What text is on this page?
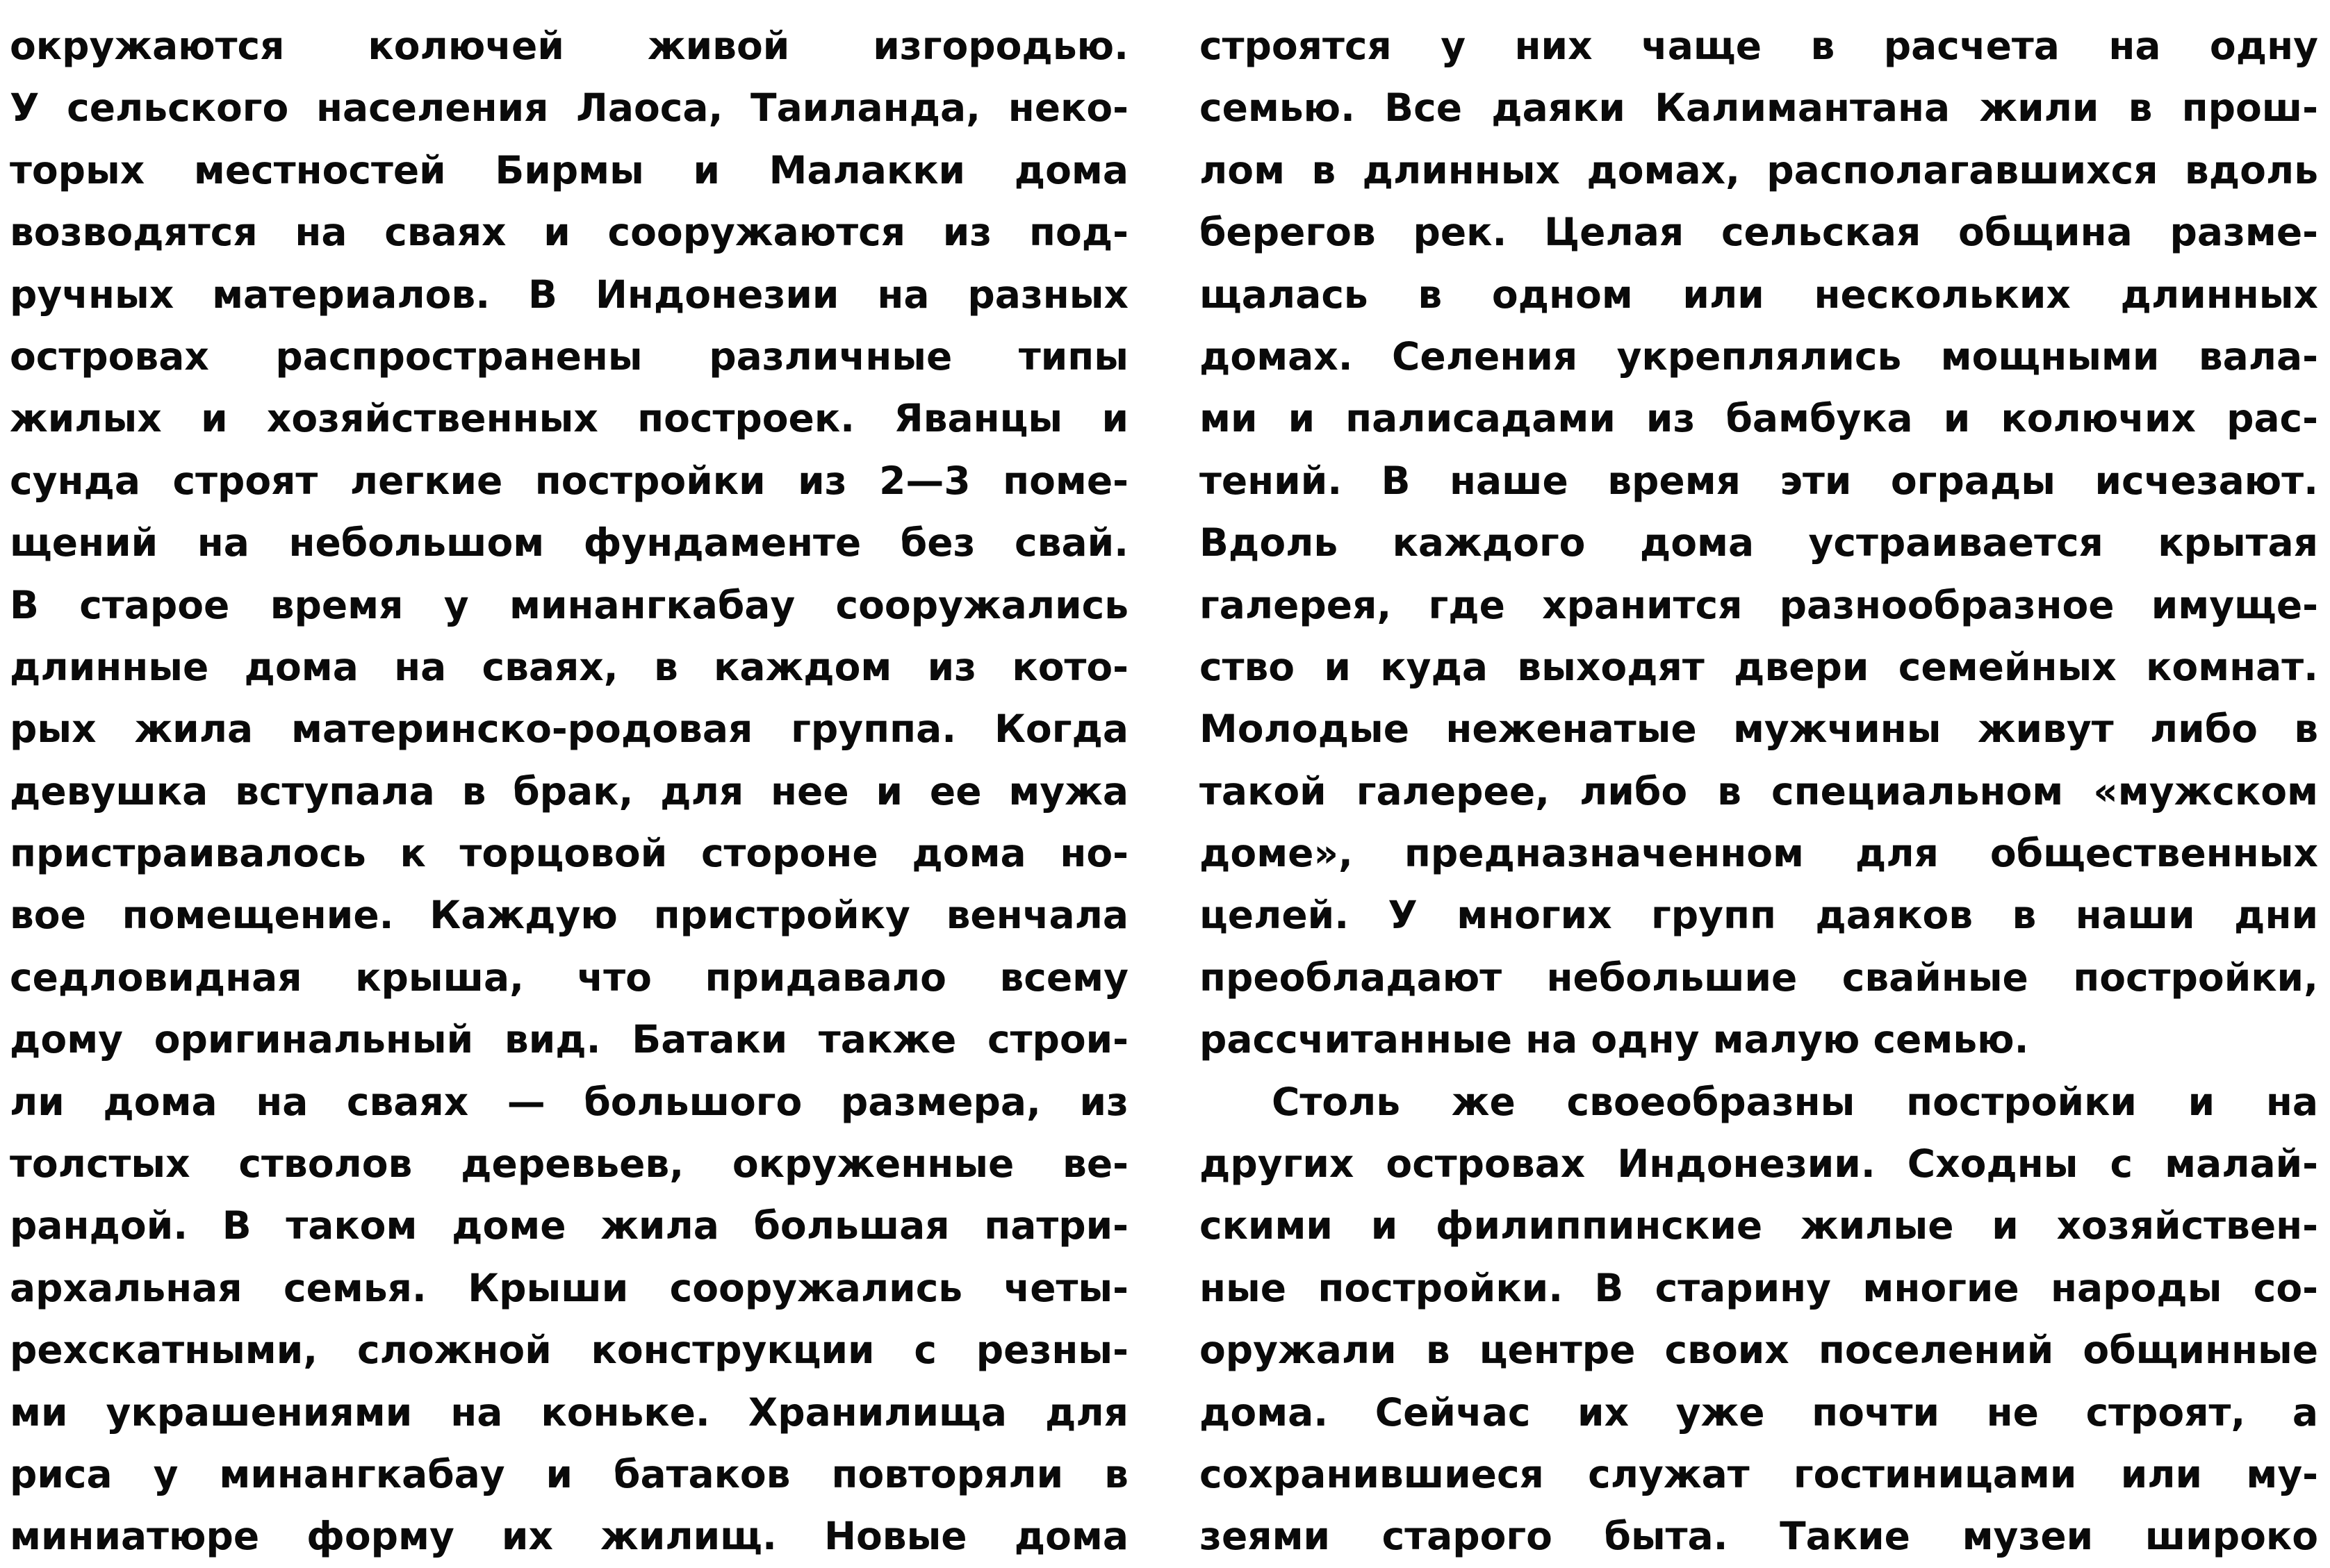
окружаются колючей живой изгородью.
У сельского населения Лаоса, Таиланда, неко-
торых местностей Бирмы и Малакки дома
возводятся на сваях и сооружаются из под-
ручных материалов. В Индонезии на разных
островах распространены различные типы
жилых и хозяйственных построек. Яванцы и
сунда строят легкие постройки из 2—3 поме-
щений на небольшом фундаменте без свай.
В старое время у минангкабау сооружались
длинные дома на сваях, в каждом из кото-
рых жила материнско-родовая группа. Когда
девушка вступала в брак, для нее и ее мужа
пристраивалось к торцовой стороне дома но-
вое помещение. Каждую пристройку венчала
седловидная крыша, что придавало всему
дому оригинальный вид. Батаки также строи-
ли дома на сваях — большого размера, из
толстых стволов деревьев, окруженные ве-
рандой. В таком доме жила большая патри-
архальная семья. Крыши сооружались четы-
рехскатными, сложной конструкции с резны-
ми украшениями на коньке. Хранилища для
риса у минангкабау и батаков повторяли в
миниатюре форму их жилищ. Новые дома
строятся у них чаще в расчета на одну
семью. Все даяки Калимантана жили в прош-
лом в длинных домах, располагавшихся вдоль
берегов рек. Целая сельская община разме-
щалась в одном или нескольких длинных
домах. Селения укреплялись мощными вала-
ми и палисадами из бамбука и колючих рас-
тений. В наше время эти ограды исчезают.
Вдоль каждого дома устраивается крытая
галерея, где хранится разнообразное имуще-
ство и куда выходят двери семейных комнат.
Молодые неженатые мужчины живут либо в
такой галерее, либо в специальном «мужском
доме», предназначенном для общественных
целей. У многих групп даяков в наши дни
преобладают небольшие свайные постройки,
рассчитанные на одну малую семью.
Столь же своеобразны постройки и на
других островах Индонезии. Сходны с малай-
скими и филиппинские жилые и хозяйствен-
ные постройки. В старину многие народы со-
оружали в центре своих поселений общинные
дома. Сейчас их уже почти не строят, а
сохранившиеся служат гостиницами или му-
зеями старого быта. Такие музеи широко
